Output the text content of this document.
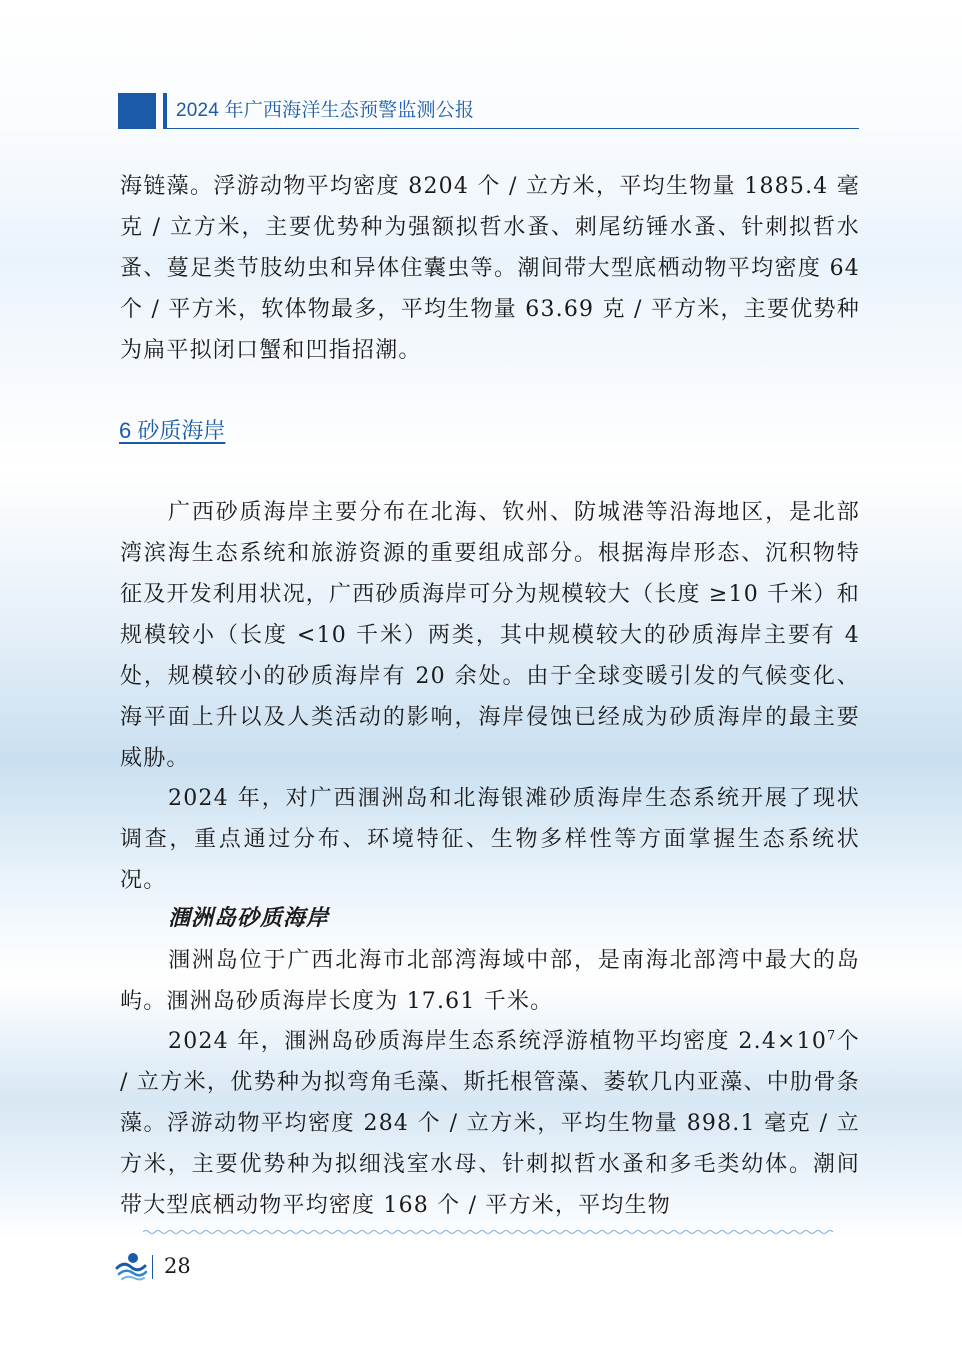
2024 年广西海洋生态预警监测公报

海链藻。浮游动物平均密度 8204 个 / 立方米，平均生物量 1885.4 毫克 / 立方米，主要优势种为强额拟哲水蚤、刺尾纺锤水蚤、针刺拟哲水蚤、蔓足类节肢幼虫和异体住囊虫等。潮间带大型底栖动物平均密度 64 个 / 平方米，软体物最多，平均生物量 63.69 克 / 平方米，主要优势种为扁平拟闭口蟹和凹指招潮。

6 砂质海岸

广西砂质海岸主要分布在北海、钦州、防城港等沿海地区，是北部湾滨海生态系统和旅游资源的重要组成部分。根据海岸形态、沉积物特征及开发利用状况，广西砂质海岸可分为规模较大（长度 ≥10 千米）和规模较小（长度 <10 千米）两类，其中规模较大的砂质海岸主要有 4 处，规模较小的砂质海岸有 20 余处。由于全球变暖引发的气候变化、海平面上升以及人类活动的影响，海岸侵蚀已经成为砂质海岸的最主要威胁。

2024 年，对广西涠洲岛和北海银滩砂质海岸生态系统开展了现状调查，重点通过分布、环境特征、生物多样性等方面掌握生态系统状况。

涠洲岛砂质海岸

涠洲岛位于广西北海市北部湾海域中部，是南海北部湾中最大的岛屿。涠洲岛砂质海岸长度为 17.61 千米。

2024 年，涠洲岛砂质海岸生态系统浮游植物平均密度 $2.4\times 10^7$个 / 立方米，优势种为拟弯角毛藻、斯托根管藻、萎软几内亚藻、中肋骨条藻。浮游动物平均密度 284 个 / 立方米，平均生物量 898.1 毫克 / 立方米，主要优势种为拟细浅室水母、针刺拟哲水蚤和多毛类幼体。潮间带大型底栖动物平均密度 168 个 / 平方米，平均生物

28
